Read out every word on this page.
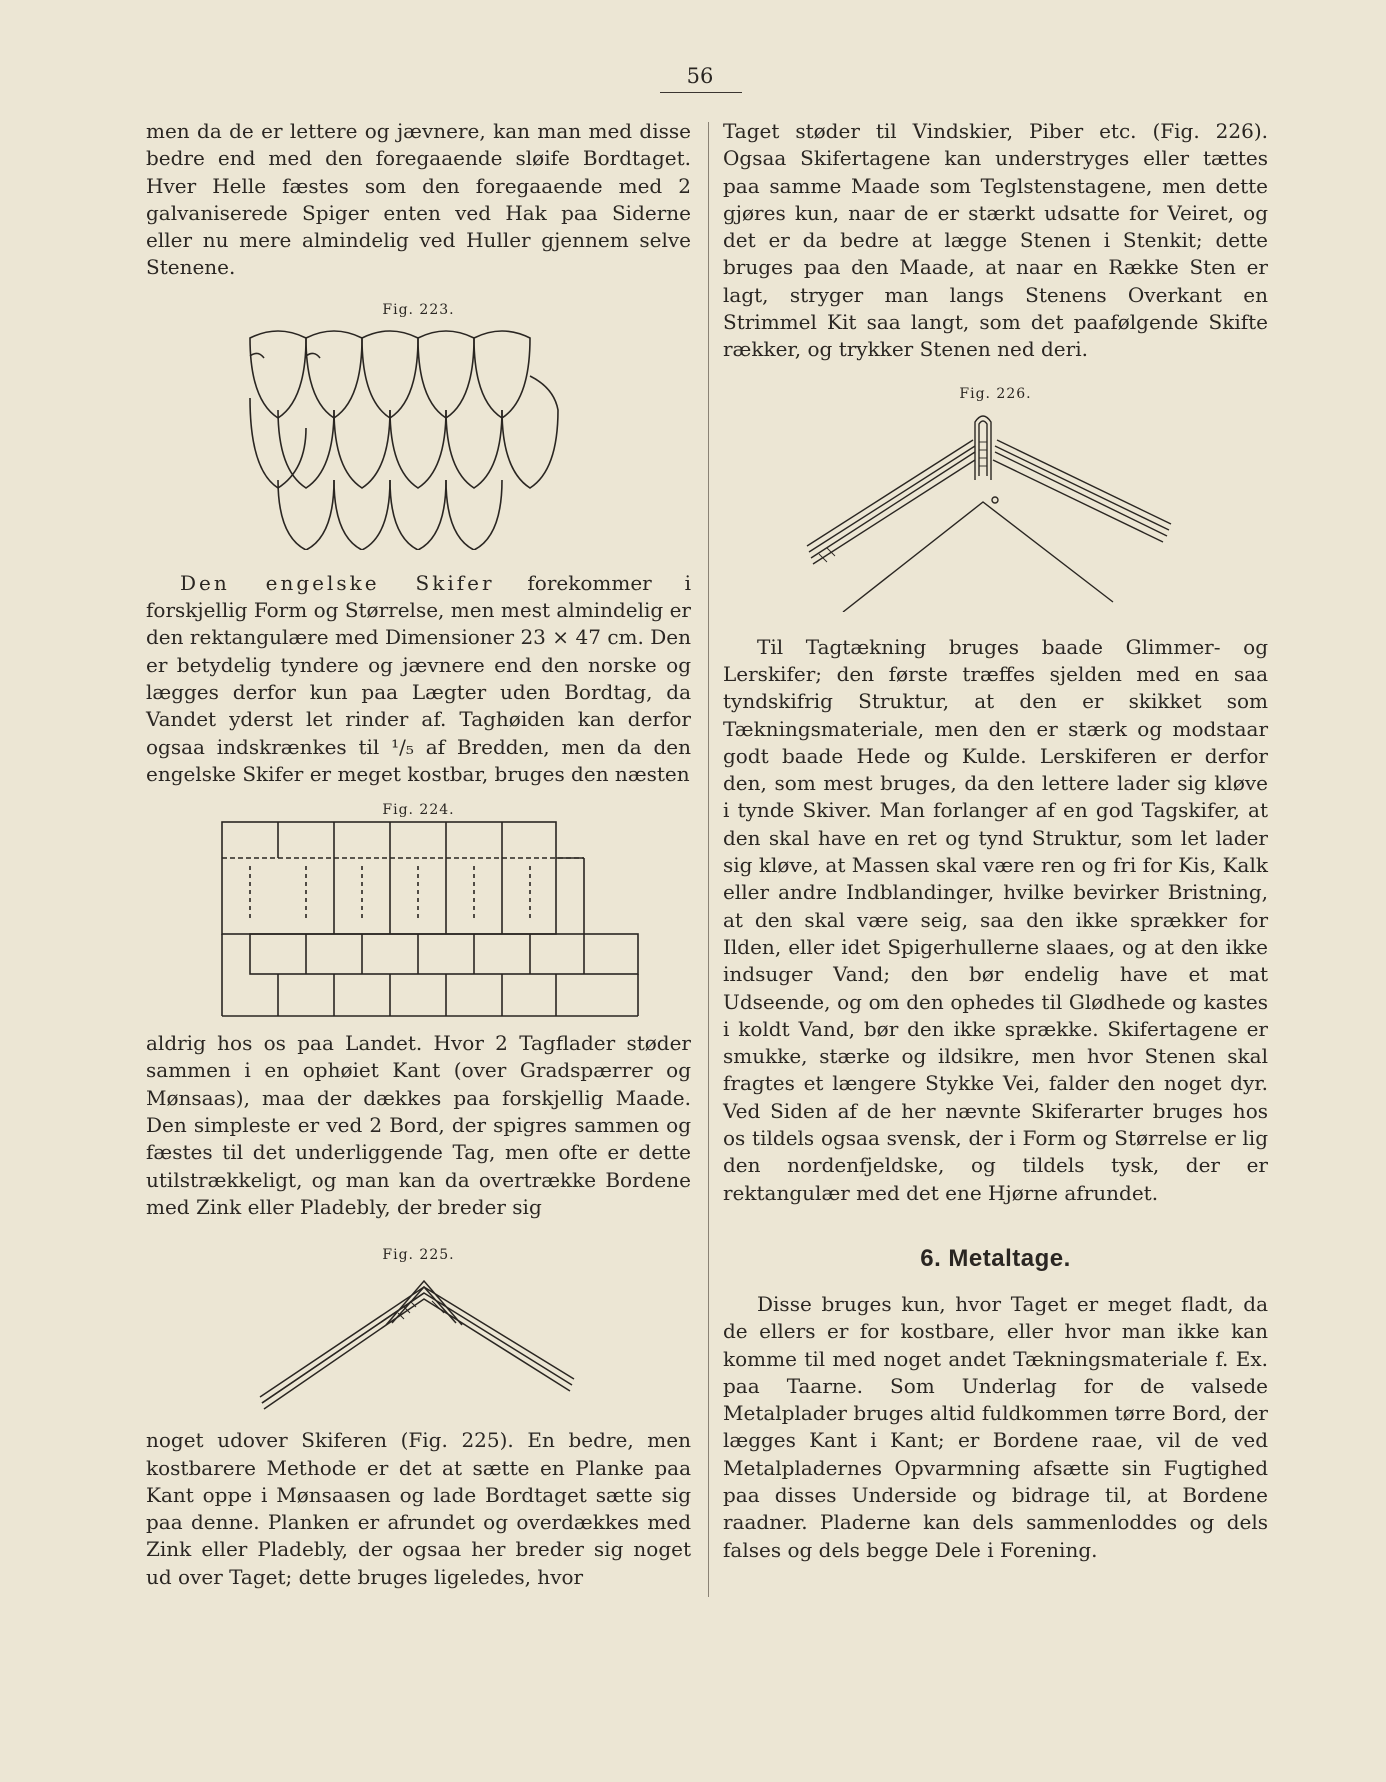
56

men da de er lettere og jævnere, kan man med disse bedre end med den foregaaende sløife Bordtaget. Hver Helle fæstes som den foregaaende med 2 galvaniserede Spiger enten ved Hak paa Siderne eller nu mere almindelig ved Huller gjennem selve Stenene.

Fig. 223.

Den engelske Skifer forekommer i forskjellig Form og Størrelse, men mest almindelig er den rektangulære med Dimensioner 23 ⨯ 47 cm. Den er betydelig tyndere og jævnere end den norske og lægges derfor kun paa Lægter uden Bordtag, da Vandet yderst let rinder af. Taghøiden kan derfor ogsaa indskrænkes til ¹/₅ af Bredden, men da den engelske Skifer er meget kostbar, bruges den næsten

Fig. 224.

aldrig hos os paa Landet. Hvor 2 Tagflader støder sammen i en ophøiet Kant (over Gradspærrer og Mønsaas), maa der dækkes paa forskjellig Maade. Den simpleste er ved 2 Bord, der spigres sammen og fæstes til det underliggende Tag, men ofte er dette utilstrækkeligt, og man kan da overtrække Bordene med Zink eller Pladebly, der breder sig

Fig. 225.

noget udover Skiferen (Fig. 225). En bedre, men kostbarere Methode er det at sætte en Planke paa Kant oppe i Mønsaasen og lade Bordtaget sætte sig paa denne. Planken er afrundet og overdækkes med Zink eller Pladebly, der ogsaa her breder sig noget ud over Taget; dette bruges ligeledes, hvor

Taget støder til Vindskier, Piber etc. (Fig. 226). Ogsaa Skifertagene kan understryges eller tættes paa samme Maade som Teglstenstagene, men dette gjøres kun, naar de er stærkt udsatte for Veiret, og det er da bedre at lægge Stenen i Stenkit; dette bruges paa den Maade, at naar en Række Sten er lagt, stryger man langs Stenens Overkant en Strimmel Kit saa langt, som det paafølgende Skifte rækker, og trykker Stenen ned deri.

Fig. 226.

Til Tagtækning bruges baade Glimmer- og Lerskifer; den første træffes sjelden med en saa tyndskifrig Struktur, at den er skikket som Tækningsmateriale, men den er stærk og modstaar godt baade Hede og Kulde. Lerskiferen er derfor den, som mest bruges, da den lettere lader sig kløve i tynde Skiver. Man forlanger af en god Tagskifer, at den skal have en ret og tynd Struktur, som let lader sig kløve, at Massen skal være ren og fri for Kis, Kalk eller andre Indblandinger, hvilke bevirker Bristning, at den skal være seig, saa den ikke sprækker for Ilden, eller idet Spigerhullerne slaaes, og at den ikke indsuger Vand; den bør endelig have et mat Udseende, og om den ophedes til Glødhede og kastes i koldt Vand, bør den ikke sprække. Skifertagene er smukke, stærke og ildsikre, men hvor Stenen skal fragtes et længere Stykke Vei, falder den noget dyr. Ved Siden af de her nævnte Skiferarter bruges hos os tildels ogsaa svensk, der i Form og Størrelse er lig den nordenfjeldske, og tildels tysk, der er rektangulær med det ene Hjørne afrundet.

6. Metaltage.

Disse bruges kun, hvor Taget er meget fladt, da de ellers er for kostbare, eller hvor man ikke kan komme til med noget andet Tækningsmateriale f. Ex. paa Taarne. Som Underlag for de valsede Metalplader bruges altid fuldkommen tørre Bord, der lægges Kant i Kant; er Bordene raae, vil de ved Metalpladernes Opvarmning afsætte sin Fugtighed paa disses Underside og bidrage til, at Bordene raadner. Pladerne kan dels sammenloddes og dels falses og dels begge Dele i Forening.
